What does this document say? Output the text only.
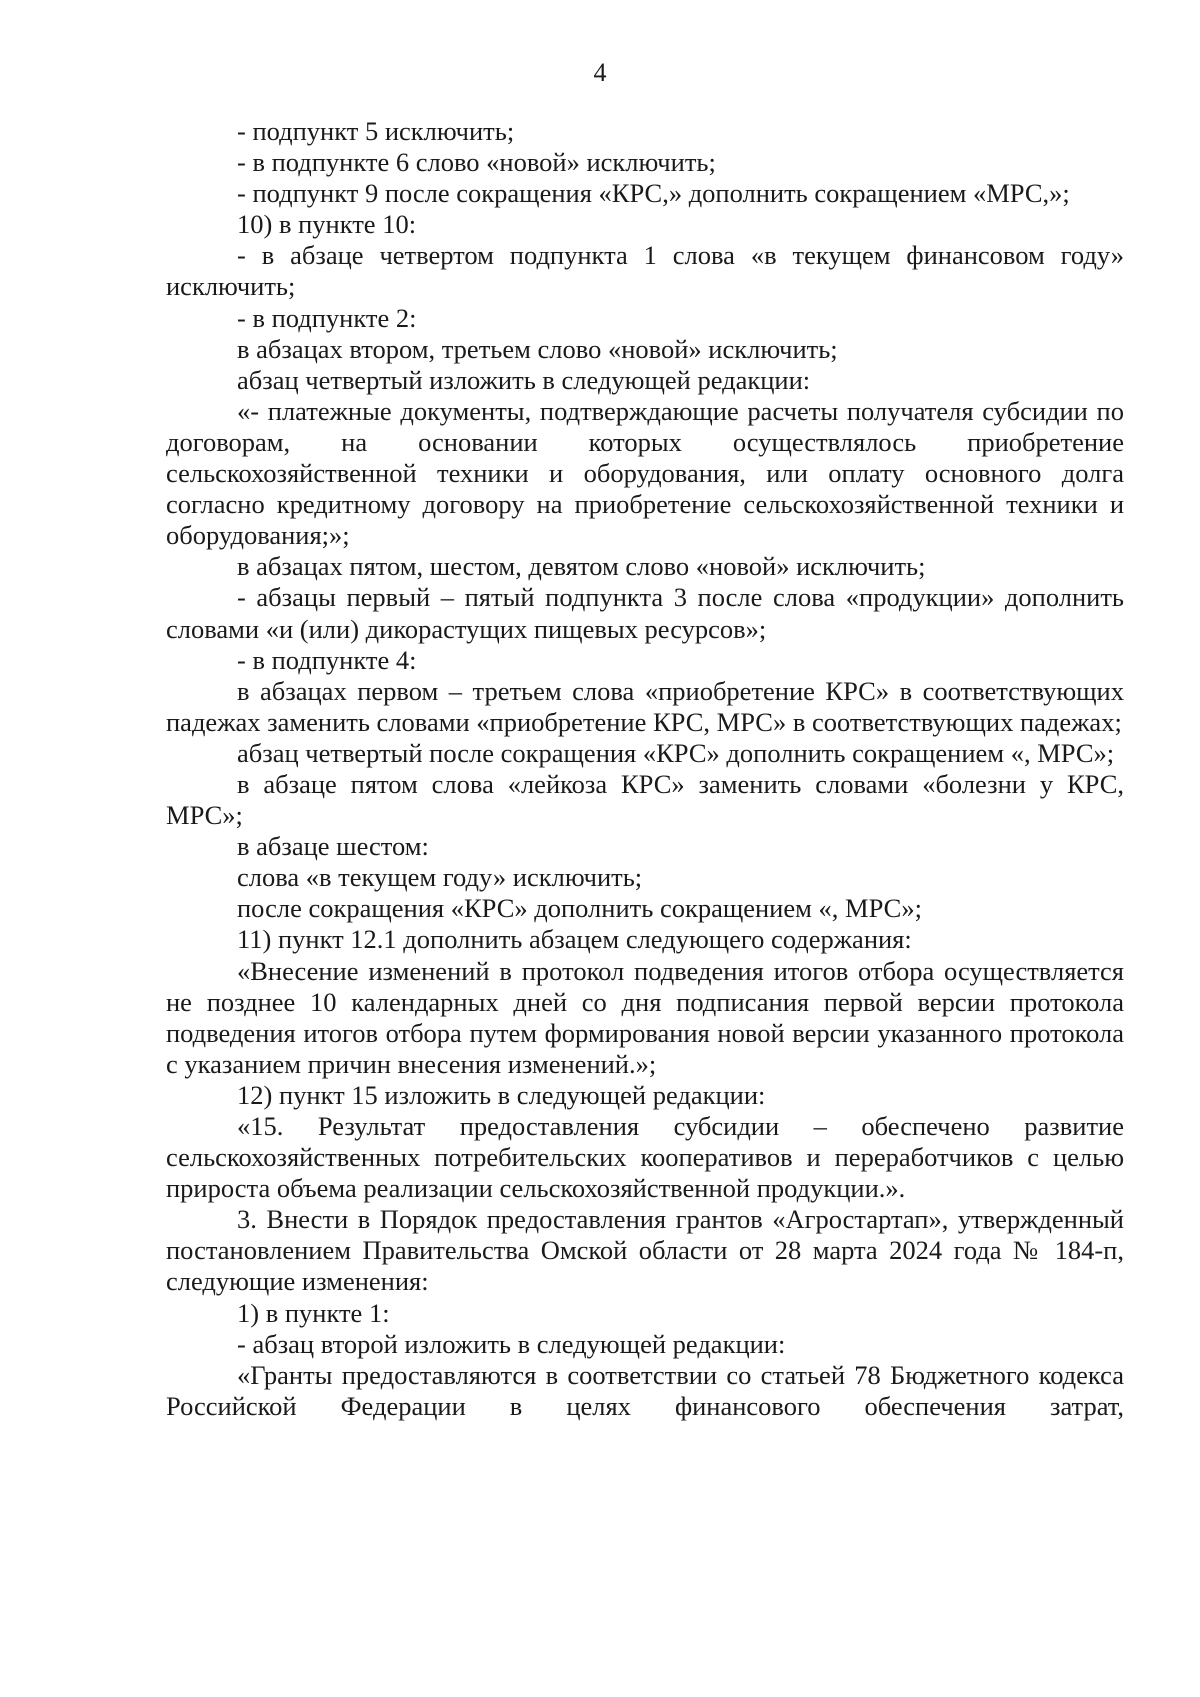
4

- подпункт 5 исключить;

- в подпункте 6 слово «новой» исключить;

- подпункт 9 после сокращения «КРС,» дополнить сокращением «МРС,»;

10) в пункте 10:

- в абзаце четвертом подпункта 1 слова «в текущем финансовом году» исключить;

- в подпункте 2:

в абзацах втором, третьем слово «новой» исключить;

абзац четвертый изложить в следующей редакции:

«- платежные документы, подтверждающие расчеты получателя субсидии по договорам, на основании которых осуществлялось приобретение сельскохозяйственной техники и оборудования, или оплату основного долга согласно кредитному договору на приобретение сельскохозяйственной техники и оборудования;»;

в абзацах пятом, шестом, девятом слово «новой» исключить;

- абзацы первый – пятый подпункта 3 после слова «продукции» дополнить словами «и (или) дикорастущих пищевых ресурсов»;

- в подпункте 4:

в абзацах первом – третьем слова «приобретение КРС» в соответствующих падежах заменить словами «приобретение КРС, МРС» в соответствующих падежах;

абзац четвертый после сокращения «КРС» дополнить сокращением «, МРС»;

в абзаце пятом слова «лейкоза КРС» заменить словами «болезни у КРС, МРС»;

в абзаце шестом:

слова «в текущем году» исключить;

после сокращения «КРС» дополнить сокращением «, МРС»;

11) пункт 12.1 дополнить абзацем следующего содержания:

«Внесение изменений в протокол подведения итогов отбора осуществляется не позднее 10 календарных дней со дня подписания первой версии протокола подведения итогов отбора путем формирования новой версии указанного протокола с указанием причин внесения изменений.»;

12) пункт 15 изложить в следующей редакции:

«15. Результат предоставления субсидии – обеспечено развитие сельскохозяйственных потребительских кооперативов и переработчиков с целью прироста объема реализации сельскохозяйственной продукции.».

3. Внести в Порядок предоставления грантов «Агростартап», утвержденный постановлением Правительства Омской области от 28 марта 2024 года № 184-п, следующие изменения:

1) в пункте 1:

- абзац второй изложить в следующей редакции:

«Гранты предоставляются в соответствии со статьей 78 Бюджетного кодекса Российской Федерации в целях финансового обеспечения затрат,
